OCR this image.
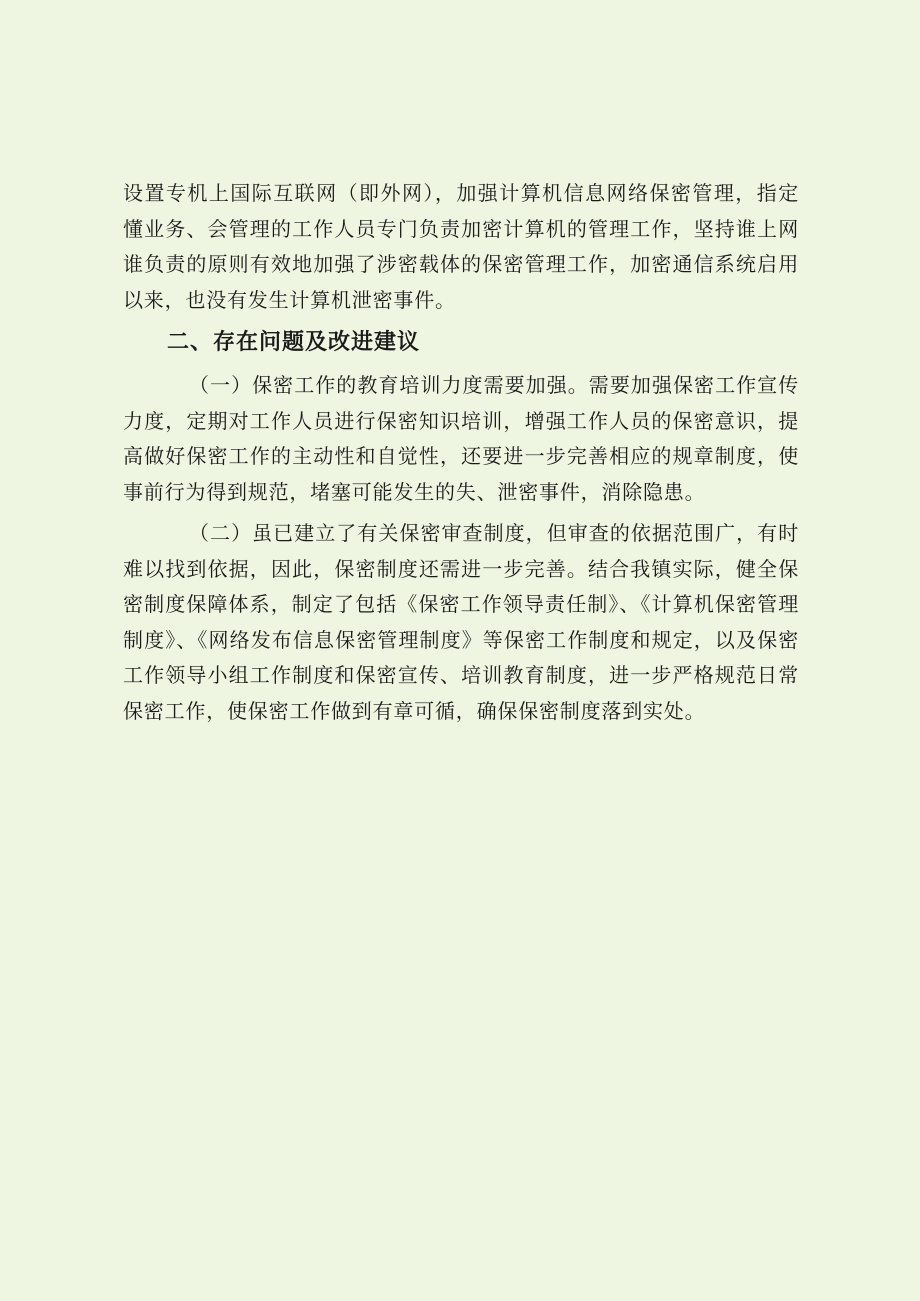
设置专机上国际互联网（即外网），加强计算机信息网络保密管理，指定懂业务、会管理的工作人员专门负责加密计算机的管理工作，坚持谁上网谁负责的原则有效地加强了涉密载体的保密管理工作，加密通信系统启用以来，也没有发生计算机泄密事件。

二、存在问题及改进建议

（一）保密工作的教育培训力度需要加强。需要加强保密工作宣传力度，定期对工作人员进行保密知识培训，增强工作人员的保密意识，提高做好保密工作的主动性和自觉性，还要进一步完善相应的规章制度，使事前行为得到规范，堵塞可能发生的失、泄密事件，消除隐患。

（二）虽已建立了有关保密审查制度，但审查的依据范围广，有时难以找到依据，因此，保密制度还需进一步完善。结合我镇实际，健全保密制度保障体系，制定了包括《保密工作领导责任制》、《计算机保密管理制度》、《网络发布信息保密管理制度》等保密工作制度和规定，以及保密工作领导小组工作制度和保密宣传、培训教育制度，进一步严格规范日常保密工作，使保密工作做到有章可循，确保保密制度落到实处。
